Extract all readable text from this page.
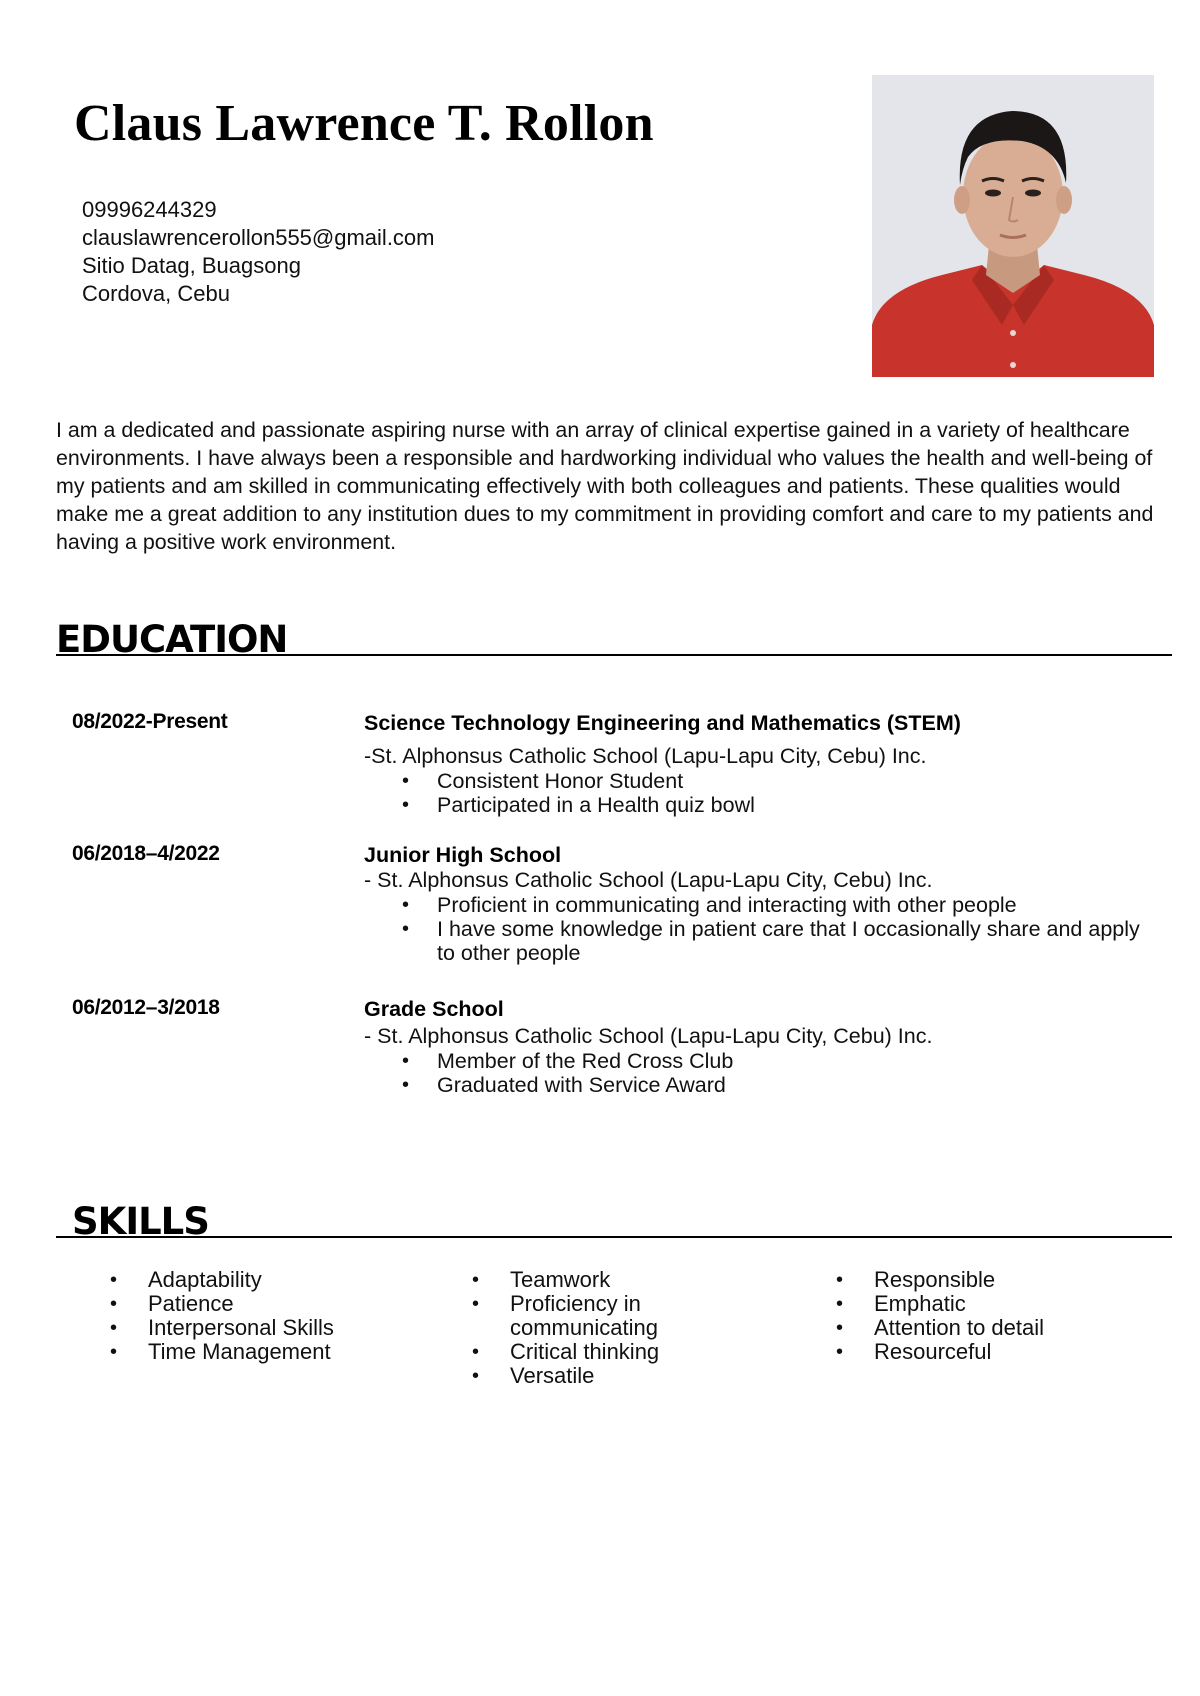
Claus Lawrence T. Rollon
09996244329
clauslawrencerollon555@gmail.com
Sitio Datag, Buagsong
Cordova, Cebu

I am a dedicated and passionate aspiring nurse with an array of clinical expertise gained in a variety of healthcare environments. I have always been a responsible and hardworking individual who values the health and well-being of my patients and am skilled in communicating effectively with both colleagues and patients. These qualities would make me a great addition to any institution dues to my commitment in providing comfort and care to my patients and having a positive work environment.

EDUCATION
08/2022-Present	Science Technology Engineering and Mathematics (STEM)
-St. Alphonsus Catholic School (Lapu-Lapu City, Cebu) Inc.
• Consistent Honor Student
• Participated in a Health quiz bowl
06/2018–4/2022	Junior High School
- St. Alphonsus Catholic School (Lapu-Lapu City, Cebu) Inc.
• Proficient in communicating and interacting with other people
• I have some knowledge in patient care that I occasionally share and apply to other people
06/2012–3/2018	Grade School
- St. Alphonsus Catholic School (Lapu-Lapu City, Cebu) Inc.
• Member of the Red Cross Club
• Graduated with Service Award
SKILLS
• Adaptability
• Patience
• Interpersonal Skills
• Time Management
• Teamwork
• Proficiency in communicating
• Critical thinking
• Versatile
• Responsible
• Emphatic
• Attention to detail
• Resourceful
